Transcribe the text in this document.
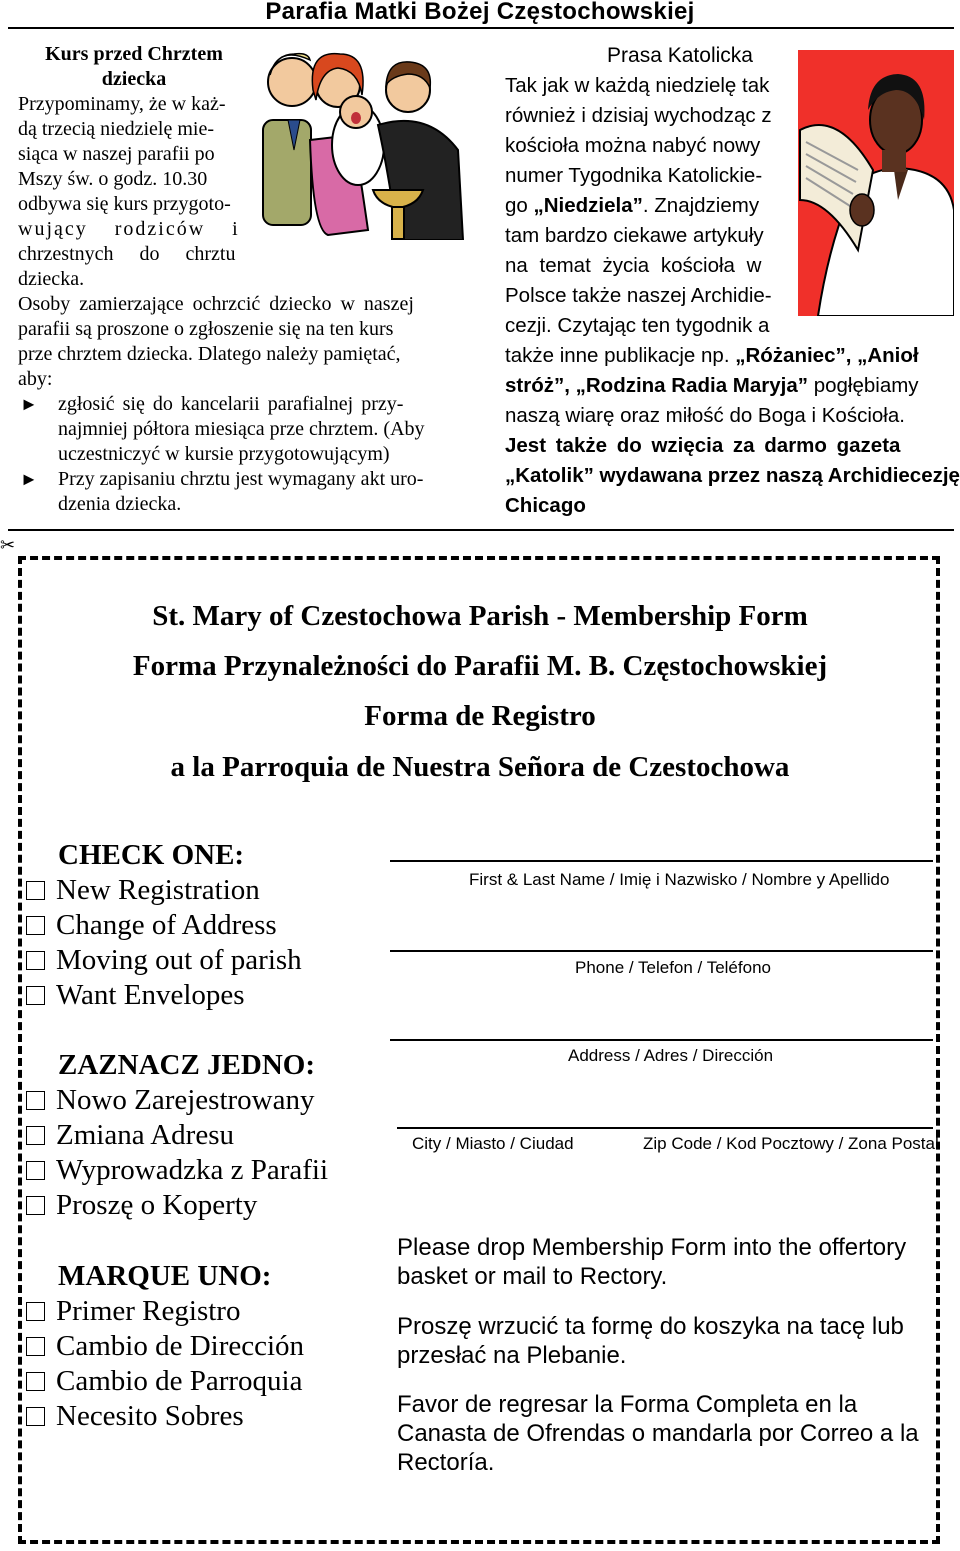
Parafia Matki Bożej Częstochowskiej
Kurs przed Chrztem
dziecka
Przypominamy, że w każ-
dą trzecią niedzielę mie-
siąca w naszej parafii po
Mszy św. o godz. 10.30
odbywa się kurs przygoto-
wujący rodziców i
chrzestnych do chrztu
dziecka.
Osoby zamierzające ochrzcić dziecko w naszej
parafii są proszone o zgłoszenie się na ten kurs
prze chrztem dziecka. Dlatego należy pamiętać,
aby:
► zgłosić się do kancelarii parafialnej przy-
najmniej półtora miesiąca prze chrztem. (Aby
uczestniczyć w kursie przygotowującym)
► Przy zapisaniu chrztu jest wymagany akt uro-
dzenia dziecka.
Prasa Katolicka
Tak jak w każdą niedzielę tak
również i dzisiaj wychodząc z
kościoła można nabyć nowy
numer Tygodnika Katolickie-
go „Niedziela”. Znajdziemy
tam bardzo ciekawe artykuły
na temat życia kościoła w
Polsce także naszej Archidie-
cezji. Czytając ten tygodnik a
także inne publikacje np. „Różaniec”, „Anioł
stróż”, „Rodzina Radia Maryja” pogłębiamy
naszą wiarę oraz miłość do Boga i Kościoła.
Jest także do wzięcia za darmo gazeta
„Katolik” wydawana przez naszą Archidiecezję
Chicago
✂
St. Mary of Czestochowa Parish - Membership Form
Forma Przynależności do Parafii M. B. Częstochowskiej
Forma de Registro
a la Parroquia de Nuestra Señora de Czestochowa
CHECK ONE:
New Registration
Change of Address
Moving out of parish
Want Envelopes
ZAZNACZ JEDNO:
Nowo Zarejestrowany
Zmiana Adresu
Wyprowadzka z Parafii
Proszę o Koperty
MARQUE UNO:
Primer Registro
Cambio de Dirección
Cambio de Parroquia
Necesito Sobres
First & Last Name / Imię i Nazwisko / Nombre y Apellido
Phone / Telefon / Teléfono
Address / Adres / Dirección
City / Miasto / Ciudad	Zip Code / Kod Pocztowy / Zona Postal
Please drop Membership Form into the offertory basket or mail to Rectory.
Proszę wrzucić ta formę do koszyka na tacę lub przesłać na Plebanie.
Favor de regresar la Forma Completa en la Canasta de Ofrendas o mandarla por Correo a la Rectoría.
